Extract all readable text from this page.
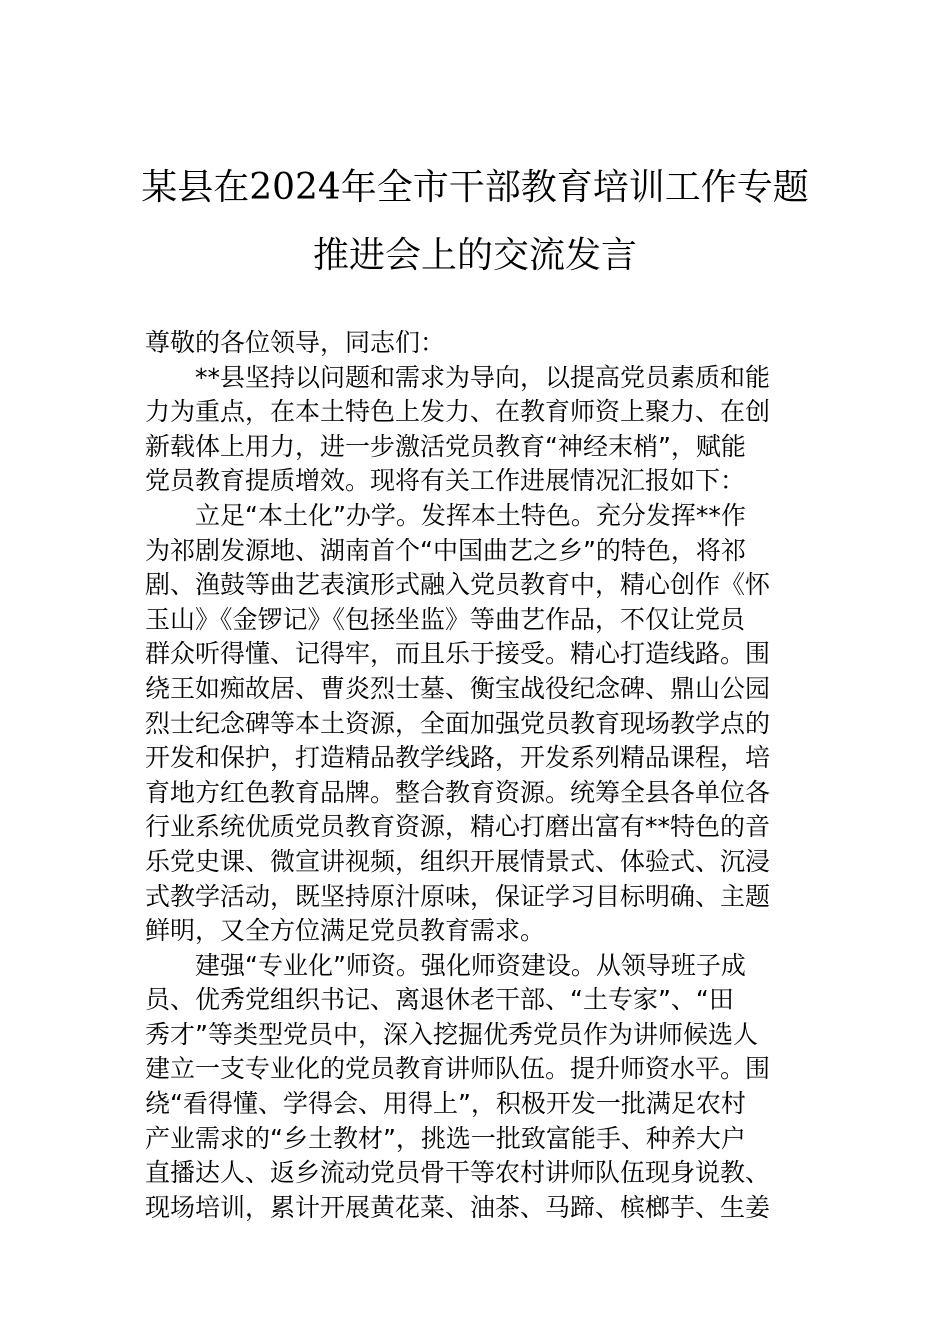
某县在2024年全市干部教育培训工作专题
推进会上的交流发言
尊敬的各位领导，同志们：
**县坚持以问题和需求为导向，以提高党员素质和能
力为重点，在本土特色上发力、在教育师资上聚力、在创
新载体上用力，进一步激活党员教育“神经末梢”，赋能
党员教育提质增效。现将有关工作进展情况汇报如下：
立足“本土化”办学。发挥本土特色。充分发挥**作
为祁剧发源地、湖南首个“中国曲艺之乡”的特色，将祁
剧、渔鼓等曲艺表演形式融入党员教育中，精心创作《怀
玉山》《金锣记》《包拯坐监》等曲艺作品，不仅让党员
群众听得懂、记得牢，而且乐于接受。精心打造线路。围
绕王如痴故居、曹炎烈士墓、衡宝战役纪念碑、鼎山公园
烈士纪念碑等本土资源，全面加强党员教育现场教学点的
开发和保护，打造精品教学线路，开发系列精品课程，培
育地方红色教育品牌。整合教育资源。统筹全县各单位各
行业系统优质党员教育资源，精心打磨出富有**特色的音
乐党史课、微宣讲视频，组织开展情景式、体验式、沉浸
式教学活动，既坚持原汁原味，保证学习目标明确、主题
鲜明，又全方位满足党员教育需求。
建强“专业化”师资。强化师资建设。从领导班子成
员、优秀党组织书记、离退休老干部、“土专家”、“田
秀才”等类型党员中，深入挖掘优秀党员作为讲师候选人
建立一支专业化的党员教育讲师队伍。提升师资水平。围
绕“看得懂、学得会、用得上”，积极开发一批满足农村
产业需求的“乡土教材”，挑选一批致富能手、种养大户
直播达人、返乡流动党员骨干等农村讲师队伍现身说教、
现场培训，累计开展黄花菜、油茶、马蹄、槟榔芋、生姜
